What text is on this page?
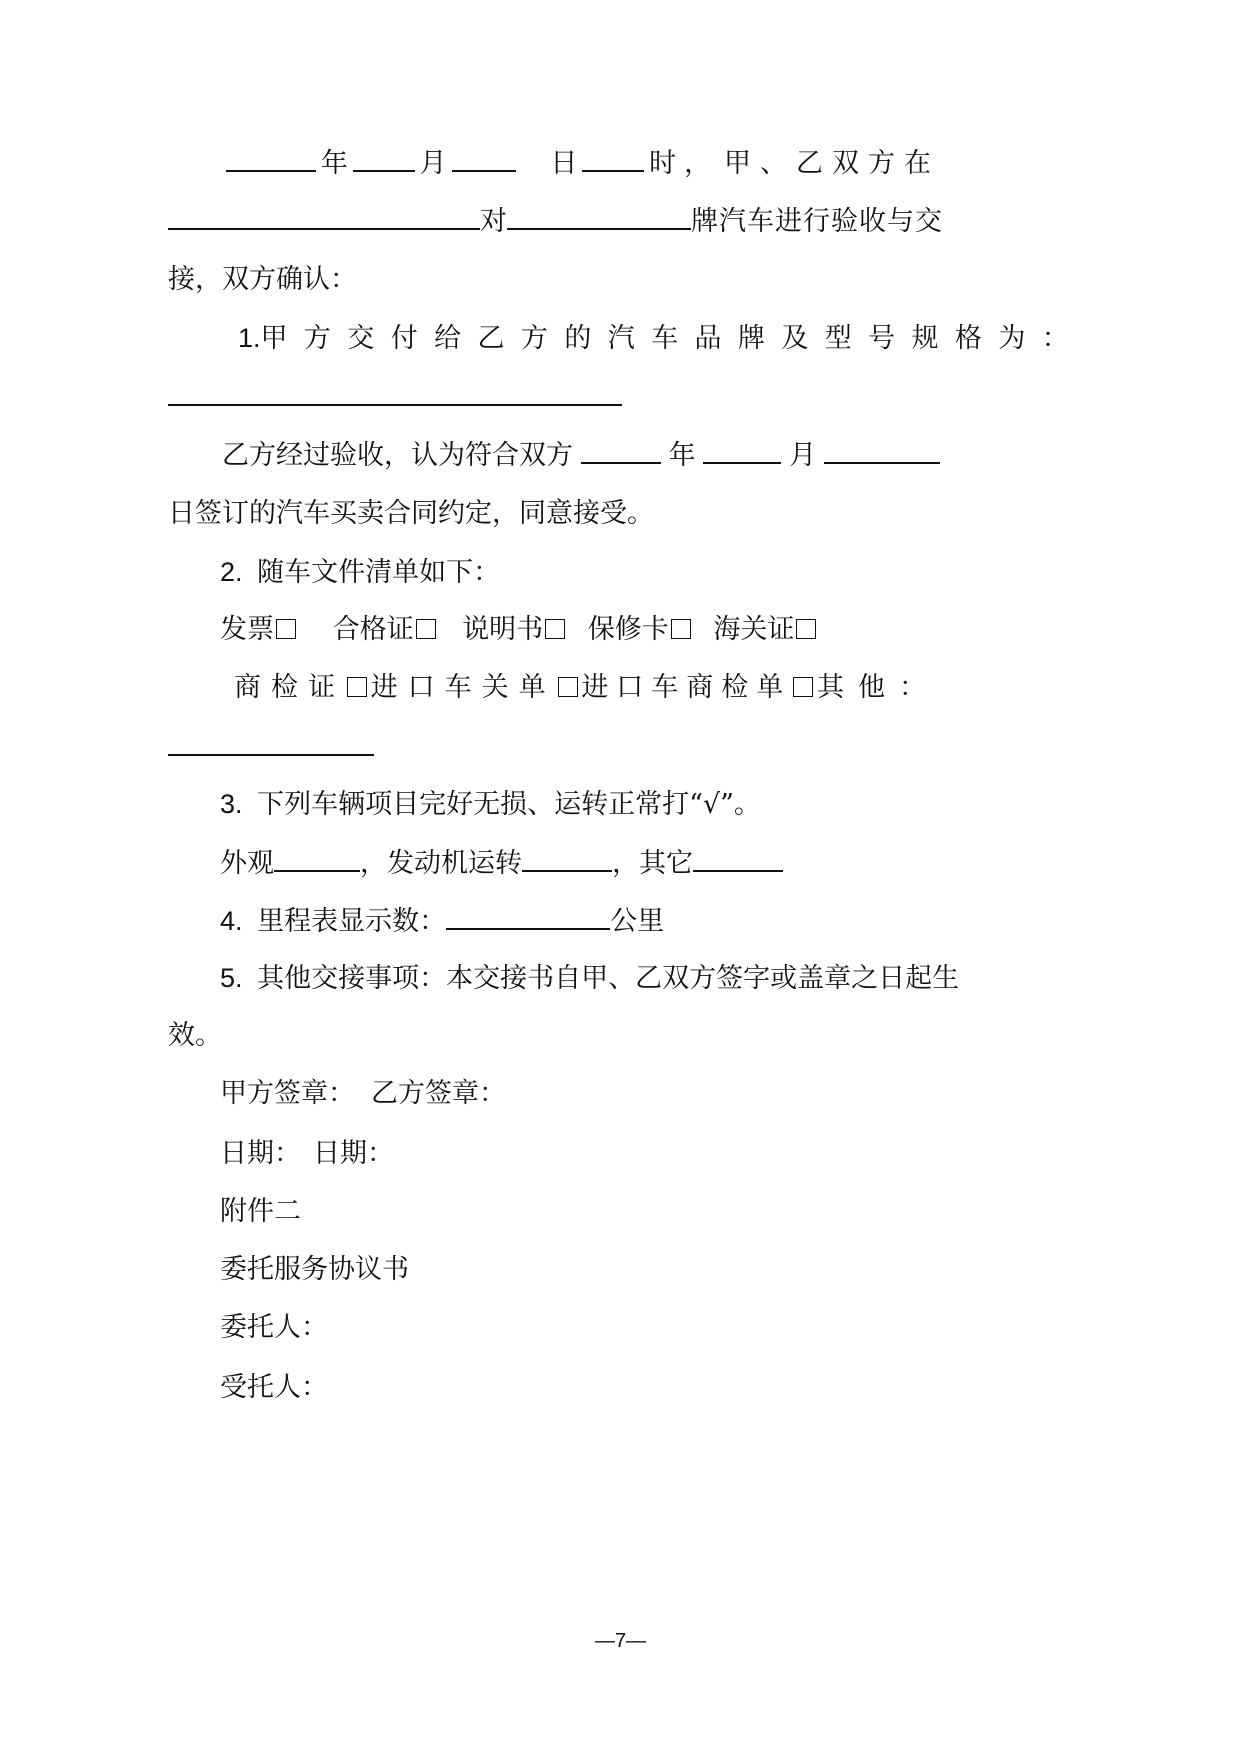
年	月	日	时， 甲、乙双方在
对	牌汽车进行验收与交
接，双方确认：
1. 甲方交付给乙方的汽车品牌及型号规格为：
乙方经过验收，认为符合双方	年	月
日签订的汽车买卖合同约定，同意接受。
2. 随车文件清单如下：
发票 合格证 说明书 保修卡 海关证
商检证 进口车关单 进口车商检单 其他：
3. 下列车辆项目完好无损、运转正常打“√”。
外观	，发动机运转	，其它
4. 里程表显示数：	公里
5. 其他交接事项：本交接书自甲、乙双方签字或盖章之日起生
效。
甲方签章： 乙方签章：
日期： 日期：
附件二
委托服务协议书
委托人：
受托人：
—7—
